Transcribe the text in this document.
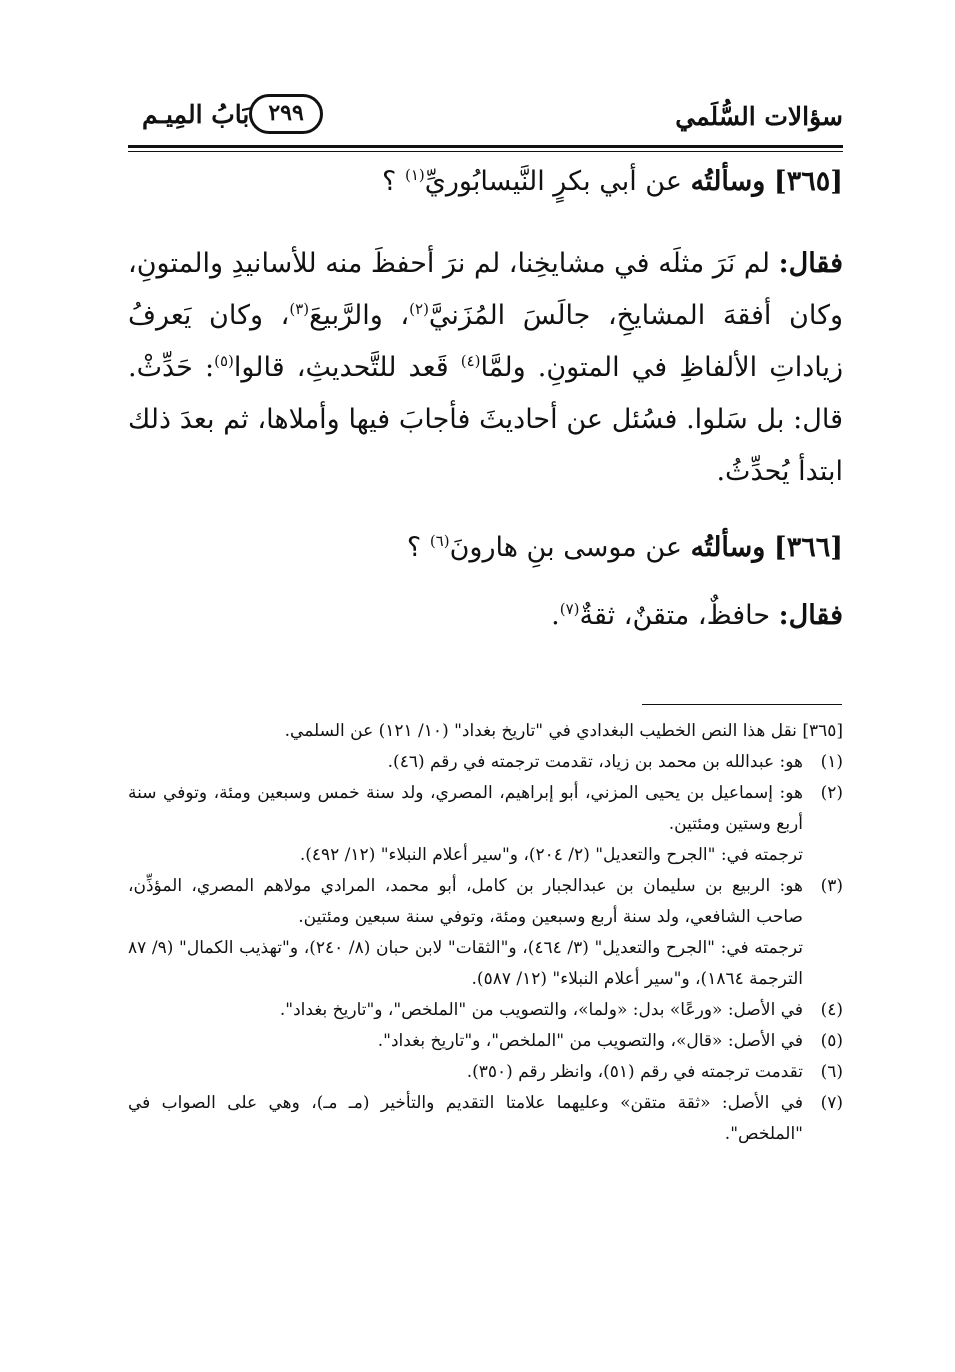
سؤالات السُّلَمي
بَابُ المِيـم ٢٩٩

[٣٦٥] وسألتُه عن أبي بكرٍ النَّيسابُوريِّ$^{(١)}$ ؟

فقال: لم نَرَ مثلَه في مشايخِنا، لم نرَ أحفظَ منه للأسانيدِ والمتونِ، وكان أفقهَ المشايخِ، جالَسَ المُزَنيَّ$^{(٢)}$، والرَّبيعَ$^{(٣)}$، وكان يَعرفُ زياداتِ الألفاظِ في المتونِ. ولمَّا$^{(٤)}$ قَعد للتَّحديثِ، قالوا$^{(٥)}$: حَدِّثْ. قال: بل سَلوا. فسُئل عن أحاديثَ فأجابَ فيها وأملاها، ثم بعدَ ذلك ابتدأ يُحدِّثُ.

[٣٦٦] وسألتُه عن موسى بنِ هارونَ$^{(٦)}$ ؟

فقال: حافظٌ، متقنٌ، ثقةٌ$^{(٧)}$.

[٣٦٥] نقل هذا النص الخطيب البغدادي في "تاريخ بغداد" (١٠/ ١٢١) عن السلمي.

(١)

هو: عبدالله بن محمد بن زياد، تقدمت ترجمته في رقم (٤٦).

(٢)

هو: إسماعيل بن يحيى المزني، أبو إبراهيم، المصري، ولد سنة خمس وسبعين ومئة، وتوفي سنة أربع وستين ومئتين.

ترجمته في: "الجرح والتعديل" (٢/ ٢٠٤)، و"سير أعلام النبلاء" (١٢/ ٤٩٢).

(٣)

هو: الربيع بن سليمان بن عبدالجبار بن كامل، أبو محمد، المرادي مولاهم المصري، المؤذِّن، صاحب الشافعي، ولد سنة أربع وسبعين ومئة، وتوفي سنة سبعين ومئتين.

ترجمته في: "الجرح والتعديل" (٣/ ٤٦٤)، و"الثقات" لابن حبان (٨/ ٢٤٠)، و"تهذيب الكمال" (٩/ ٨٧ الترجمة ١٨٦٤)، و"سير أعلام النبلاء" (١٢/ ٥٨٧).

(٤)

في الأصل: «ورعًا» بدل: «ولما»، والتصويب من "الملخص"، و"تاريخ بغداد".

(٥)

في الأصل: «قال»، والتصويب من "الملخص"، و"تاريخ بغداد".

(٦)

تقدمت ترجمته في رقم (٥١)، وانظر رقم (٣٥٠).

(٧)

في الأصل: «ثقة متقن» وعليهما علامتا التقديم والتأخير (مـ مـ)، وهي على الصواب في "الملخص".
